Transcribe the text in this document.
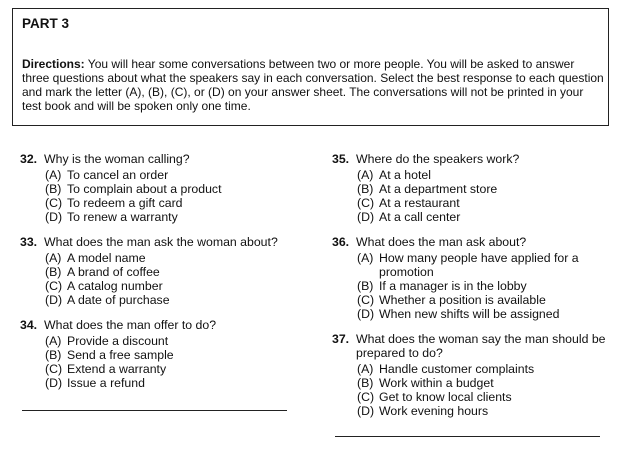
PART 3
Directions: You will hear some conversations between two or more people. You will be asked to answer three questions about what the speakers say in each conversation. Select the best response to each question and mark the letter (A), (B), (C), or (D) on your answer sheet. The conversations will not be printed in your test book and will be spoken only one time.
32. Why is the woman calling?
(A) To cancel an order
(B) To complain about a product
(C) To redeem a gift card
(D) To renew a warranty
33. What does the man ask the woman about?
(A) A model name
(B) A brand of coffee
(C) A catalog number
(D) A date of purchase
34. What does the man offer to do?
(A) Provide a discount
(B) Send a free sample
(C) Extend a warranty
(D) Issue a refund
35. Where do the speakers work?
(A) At a hotel
(B) At a department store
(C) At a restaurant
(D) At a call center
36. What does the man ask about?
(A) How many people have applied for a promotion
(B) If a manager is in the lobby
(C) Whether a position is available
(D) When new shifts will be assigned
37. What does the woman say the man should be prepared to do?
(A) Handle customer complaints
(B) Work within a budget
(C) Get to know local clients
(D) Work evening hours
